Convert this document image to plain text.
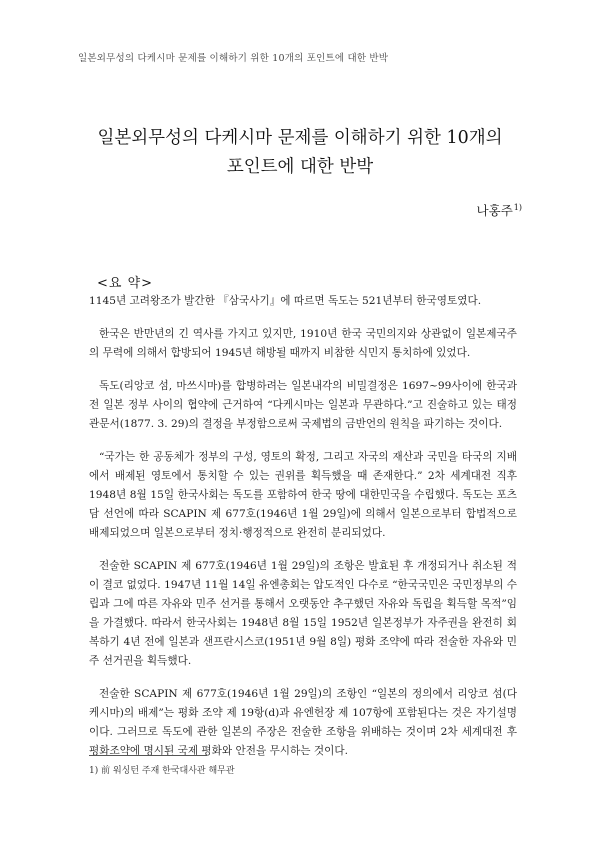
일본외무성의 다케시마 문제를 이해하기 위한 10개의 포인트에 대한 반박
일본외무성의 다케시마 문제를 이해하기 위한 10개의
포인트에 대한 반박
나홍주$^{1)}$
<요 약>

1145년 고려왕조가 발간한 『삼국사기』에 따르면 독도는 521년부터 한국영토였다.

한국은 반만년의 긴 역사를 가지고 있지만, 1910년 한국 국민의지와 상관없이 일본제국주의 무력에 의해서 합방되어 1945년 해방될 때까지 비참한 식민지 통치하에 있었다.

독도(리앙코 섬, 마쓰시마)를 합병하려는 일본내각의 비밀결정은 1697~99사이에 한국과 전 일본 정부 사이의 협약에 근거하여 “다케시마는 일본과 무관하다.”고 진술하고 있는 태정관문서(1877. 3. 29)의 결정을 부정함으로써 국제법의 금반언의 원칙을 파기하는 것이다.

“국가는 한 공동체가 정부의 구성, 영토의 확정, 그리고 자국의 재산과 국민을 타국의 지배에서 배제된 영토에서 통치할 수 있는 권위를 획득했을 때 존재한다.” 2차 세계대전 직후 1948년 8월 15일 한국사회는 독도를 포함하여 한국 땅에 대한민국을 수립했다. 독도는 포츠담 선언에 따라 SCAPIN 제 677호(1946년 1월 29일)에 의해서 일본으로부터 합법적으로 배제되었으며 일본으로부터 정치·행정적으로 완전히 분리되었다.

전술한 SCAPIN 제 677호(1946년 1월 29일)의 조항은 발효된 후 개정되거나 취소된 적이 결코 없었다. 1947년 11월 14일 유엔총회는 압도적인 다수로 “한국국민은 국민정부의 수립과 그에 따른 자유와 민주 선거를 통해서 오랫동안 추구했던 자유와 독립을 획득할 목적”임을 가결했다. 따라서 한국사회는 1948년 8월 15일 1952년 일본정부가 자주권을 완전히 회복하기 4년 전에 일본과 샌프란시스코(1951년 9월 8일) 평화 조약에 따라 전술한 자유와 민주 선거권을 획득했다.

전술한 SCAPIN 제 677호(1946년 1월 29일)의 조항인 “일본의 정의에서 리앙코 섬(다케시마)의 배제”는 평화 조약 제 19항(d)과 유엔헌장 제 107항에 포함된다는 것은 자기설명이다. 그러므로 독도에 관한 일본의 주장은 전술한 조항을 위배하는 것이며 2차 세계대전 후 평화조약에 명시된 국제 평화와 안전을 무시하는 것이다.

1) 前 워싱턴 주재 한국대사관 해무관
